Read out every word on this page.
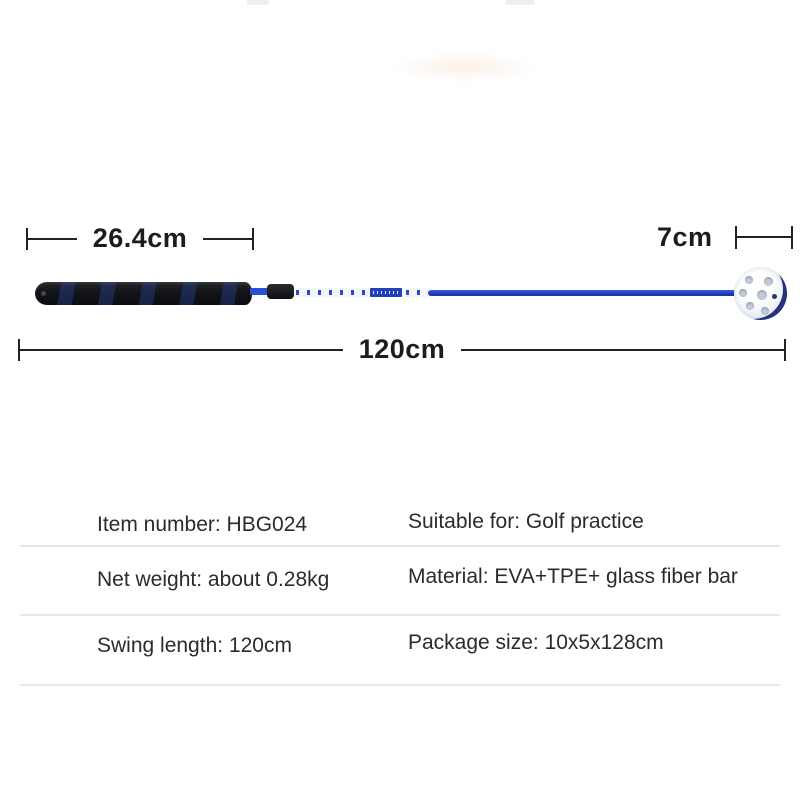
26.4cm	7cm
120cm
Item number: HBG024	Suitable for: Golf practice
Net weight: about 0.28kg	Material: EVA+TPE+ glass fiber bar
Swing length: 120cm	Package size: 10x5x128cm
